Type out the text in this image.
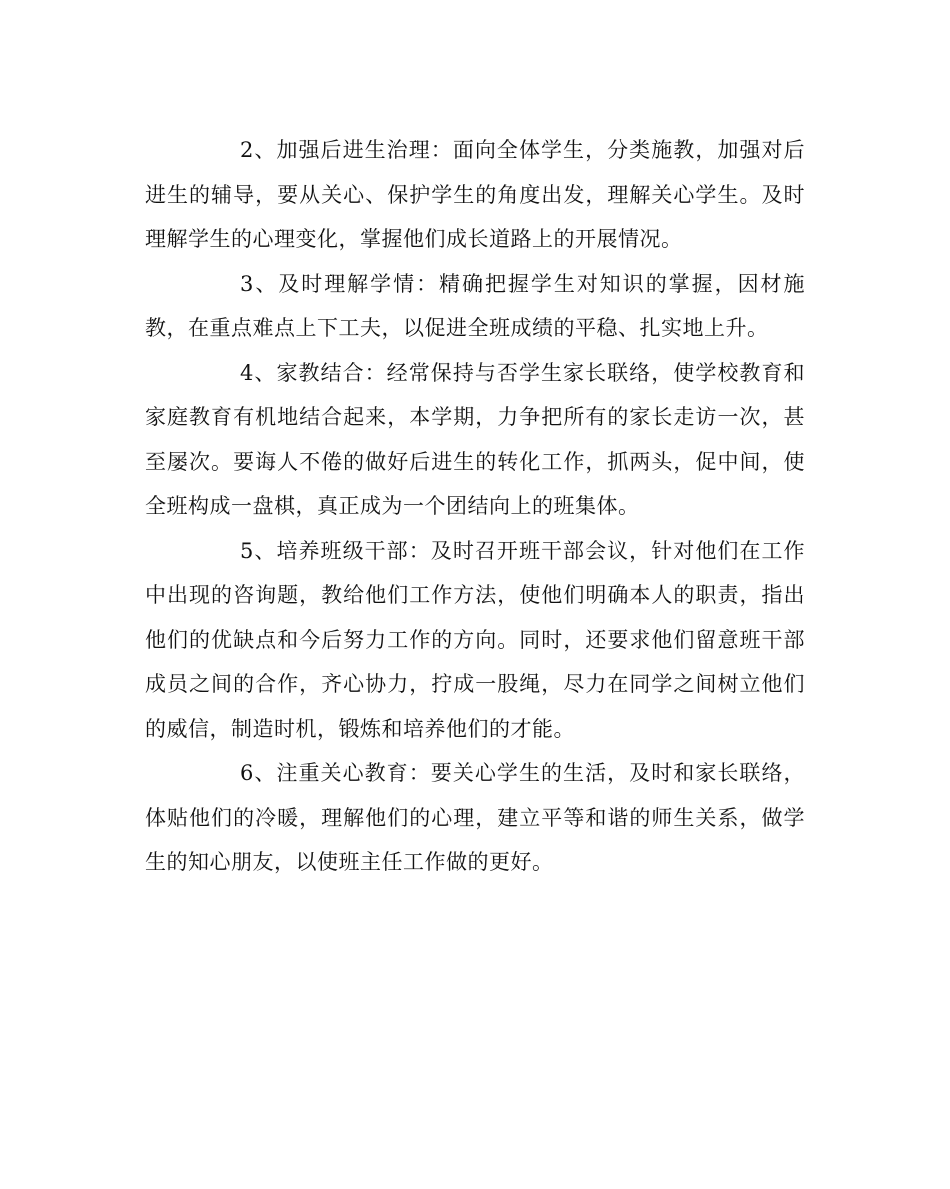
2、加强后进生治理：面向全体学生，分类施教，加强对后进生的辅导，要从关心、保护学生的角度出发，理解关心学生。及时理解学生的心理变化，掌握他们成长道路上的开展情况。

3、及时理解学情：精确把握学生对知识的掌握，因材施教，在重点难点上下工夫，以促进全班成绩的平稳、扎实地上升。

4、家教结合：经常保持与否学生家长联络，使学校教育和家庭教育有机地结合起来，本学期，力争把所有的家长走访一次，甚至屡次。要诲人不倦的做好后进生的转化工作，抓两头，促中间，使全班构成一盘棋，真正成为一个团结向上的班集体。

5、培养班级干部：及时召开班干部会议，针对他们在工作中出现的咨询题，教给他们工作方法，使他们明确本人的职责，指出他们的优缺点和今后努力工作的方向。同时，还要求他们留意班干部成员之间的合作，齐心协力，拧成一股绳，尽力在同学之间树立他们的威信，制造时机，锻炼和培养他们的才能。

6、注重关心教育：要关心学生的生活，及时和家长联络，体贴他们的冷暖，理解他们的心理，建立平等和谐的师生关系，做学生的知心朋友，以使班主任工作做的更好。
